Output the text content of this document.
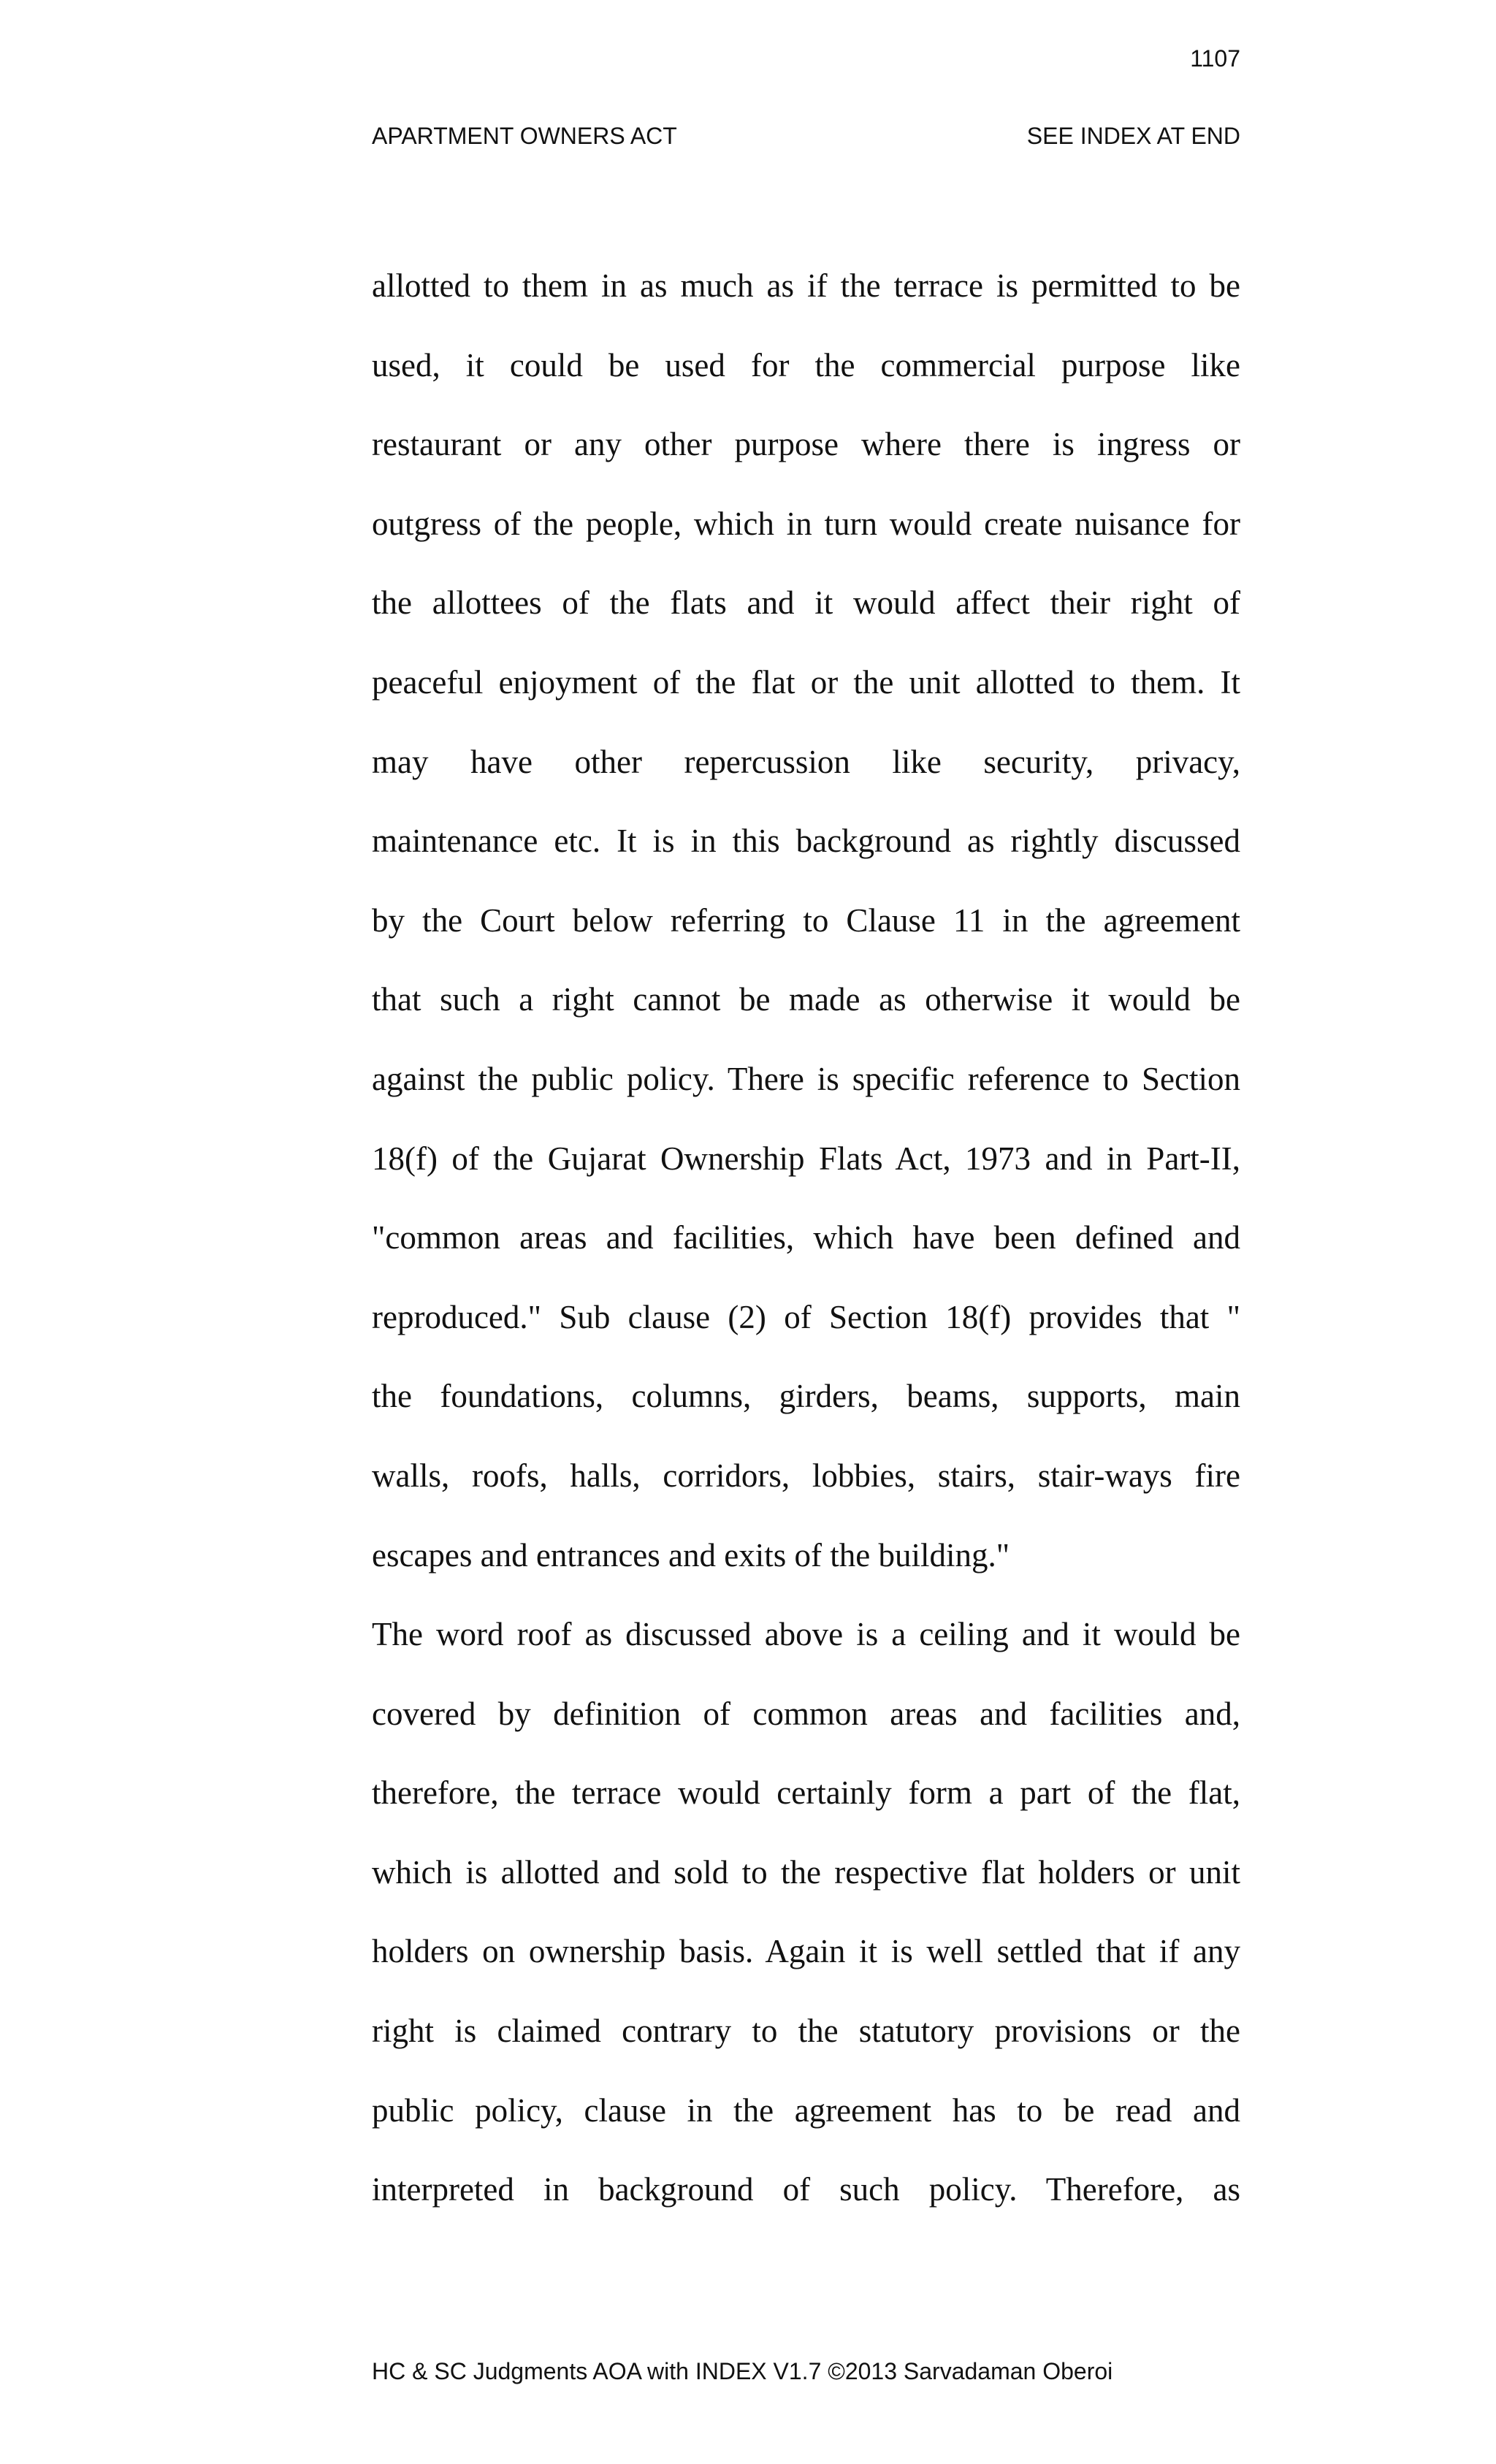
1107
APARTMENT OWNERS ACT	SEE INDEX AT END
allotted to them in as much as if the terrace is permitted to be
used, it could be used for the commercial purpose like
restaurant or any other purpose where there is ingress or
outgress of the people, which in turn would create nuisance for
the allottees of the flats and it would affect their right of
peaceful enjoyment of the flat or the unit allotted to them. It
may have other repercussion like security, privacy,
maintenance etc. It is in this background as rightly discussed
by the Court below referring to Clause 11 in the agreement
that such a right cannot be made as otherwise it would be
against the public policy. There is specific reference to Section
18(f) of the Gujarat Ownership Flats Act, 1973 and in Part-II,
"common areas and facilities, which have been defined and
reproduced." Sub clause (2) of Section 18(f) provides that "
the foundations, columns, girders, beams, supports, main
walls, roofs, halls, corridors, lobbies, stairs, stair-ways fire
escapes and entrances and exits of the building."
The word roof as discussed above is a ceiling and it would be
covered by definition of common areas and facilities and,
therefore, the terrace would certainly form a part of the flat,
which is allotted and sold to the respective flat holders or unit
holders on ownership basis. Again it is well settled that if any
right is claimed contrary to the statutory provisions or the
public policy, clause in the agreement has to be read and
interpreted in background of such policy. Therefore, as
HC & SC Judgments AOA with INDEX V1.7 ©2013 Sarvadaman Oberoi
